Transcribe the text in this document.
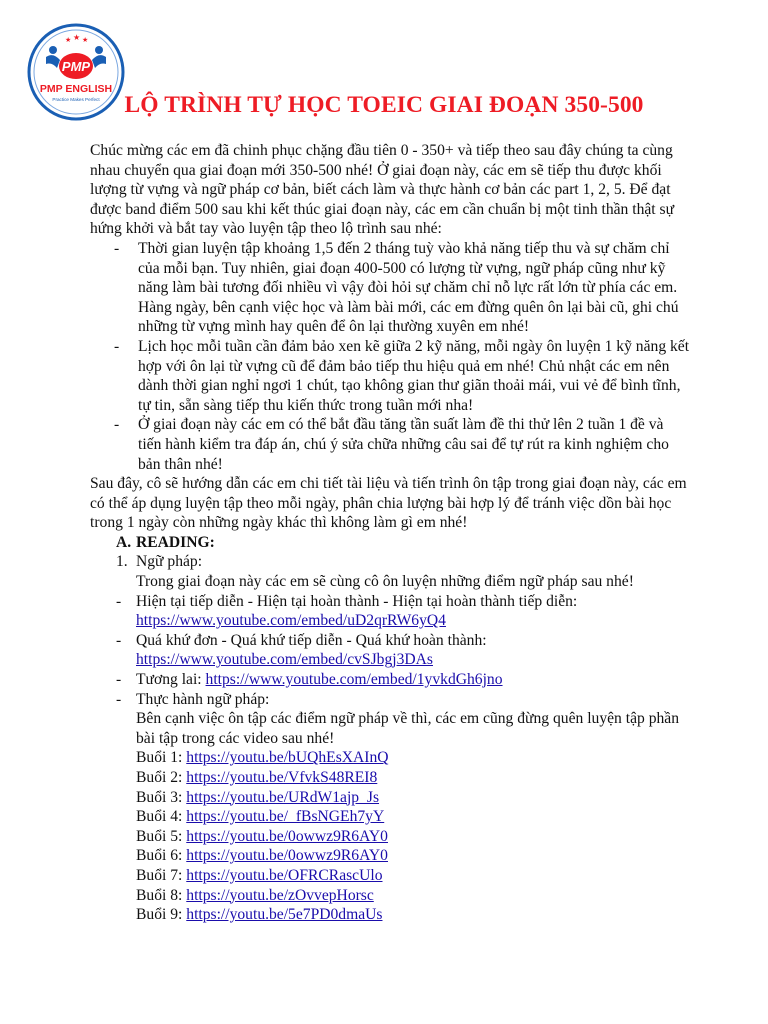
★ ★ ★
PMP
PMP ENGLISH
Practice Makes Perfect	LỘ TRÌNH TỰ HỌC TOEIC GIAI ĐOẠN 350-500

Chúc mừng các em đã chinh phục chặng đầu tiên 0 - 350+ và tiếp theo sau đây chúng ta cùng nhau chuyển qua giai đoạn mới 350-500 nhé! Ở giai đoạn này, các em sẽ tiếp thu được khối lượng từ vựng và ngữ pháp cơ bản, biết cách làm và thực hành cơ bản các part 1, 2, 5. Để đạt được band điểm 500 sau khi kết thúc giai đoạn này, các em cần chuẩn bị một tinh thần thật sự hứng khởi và bắt tay vào luyện tập theo lộ trình sau nhé:

- Thời gian luyện tập khoảng 1,5 đến 2 tháng tuỳ vào khả năng tiếp thu và sự chăm chỉ của mỗi bạn. Tuy nhiên, giai đoạn 400-500 có lượng từ vựng, ngữ pháp cũng như kỹ năng làm bài tương đối nhiều vì vậy đòi hỏi sự chăm chỉ nỗ lực rất lớn từ phía các em. Hàng ngày, bên cạnh việc học và làm bài mới, các em đừng quên ôn lại bài cũ, ghi chú những từ vựng mình hay quên để ôn lại thường xuyên em nhé!
- Lịch học mỗi tuần cần đảm bảo xen kẽ giữa 2 kỹ năng, mỗi ngày ôn luyện 1 kỹ năng kết hợp với ôn lại từ vựng cũ để đảm bảo tiếp thu hiệu quả em nhé! Chủ nhật các em nên dành thời gian nghỉ ngơi 1 chút, tạo không gian thư giãn thoải mái, vui vẻ để bình tĩnh, tự tin, sẵn sàng tiếp thu kiến thức trong tuần mới nha!
- Ở giai đoạn này các em có thể bắt đầu tăng tần suất làm đề thi thử lên 2 tuần 1 đề và tiến hành kiểm tra đáp án, chú ý sửa chữa những câu sai để tự rút ra kinh nghiệm cho bản thân nhé!

Sau đây, cô sẽ hướng dẫn các em chi tiết tài liệu và tiến trình ôn tập trong giai đoạn này, các em có thể áp dụng luyện tập theo mỗi ngày, phân chia lượng bài hợp lý để tránh việc dồn bài học trong 1 ngày còn những ngày khác thì không làm gì em nhé!

A. READING:
1. Ngữ pháp:
Trong giai đoạn này các em sẽ cùng cô ôn luyện những điểm ngữ pháp sau nhé!
- Hiện tại tiếp diễn - Hiện tại hoàn thành - Hiện tại hoàn thành tiếp diễn:
https://www.youtube.com/embed/uD2qrRW6yQ4
- Quá khứ đơn - Quá khứ tiếp diễn - Quá khứ hoàn thành:
https://www.youtube.com/embed/cvSJbgj3DAs
- Tương lai: https://www.youtube.com/embed/1yvkdGh6jno
- Thực hành ngữ pháp:
Bên cạnh việc ôn tập các điểm ngữ pháp về thì, các em cũng đừng quên luyện tập phần bài tập trong các video sau nhé!
Buổi 1: https://youtu.be/bUQhEsXAInQ
Buổi 2: https://youtu.be/VfvkS48REI8
Buổi 3: https://youtu.be/URdW1ajp_Js
Buổi 4: https://youtu.be/_fBsNGEh7yY
Buổi 5: https://youtu.be/0owwz9R6AY0
Buổi 6: https://youtu.be/0owwz9R6AY0
Buổi 7: https://youtu.be/OFRCRascUlo
Buổi 8: https://youtu.be/zOvvepHorsc
Buổi 9: https://youtu.be/5e7PD0dmaUs
